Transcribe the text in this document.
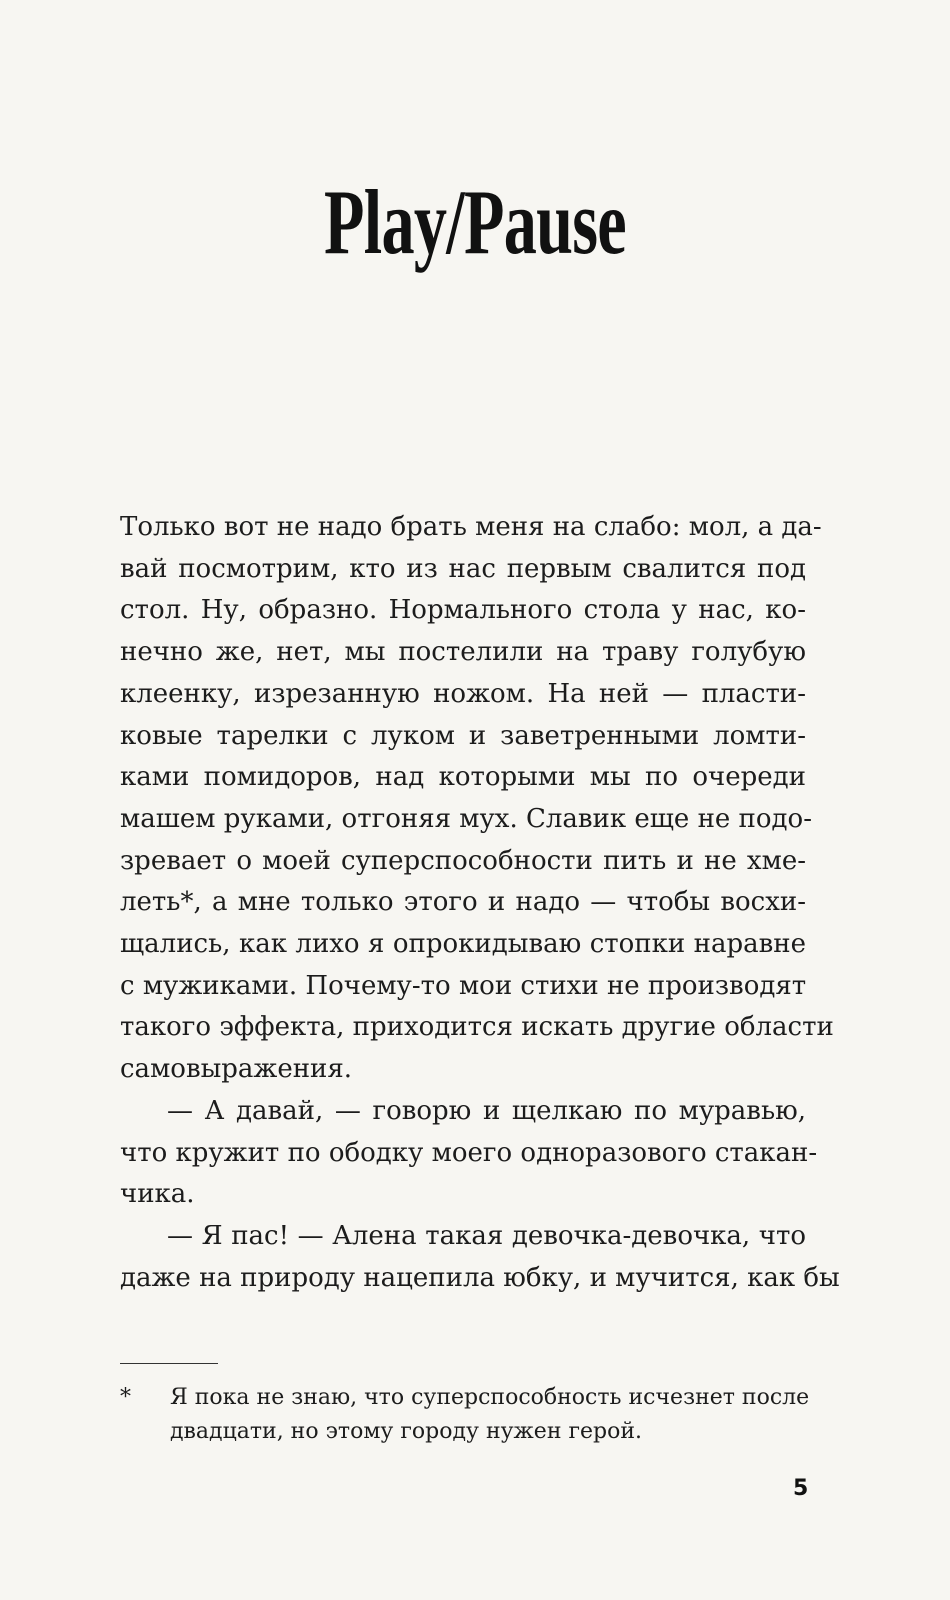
Play/Pause

Только вот не надо брать меня на слабо: мол, а да-
вай посмотрим, кто из нас первым свалится под
стол. Ну, образно. Нормального стола у нас, ко-
нечно же, нет, мы постелили на траву голубую
клеенку, изрезанную ножом. На ней — пласти-
ковые тарелки с луком и заветренными ломти-
ками помидоров, над которыми мы по очереди
машем руками, отгоняя мух. Славик еще не подо-
зревает о моей суперспособности пить и не хме-
леть*, а мне только этого и надо — чтобы восхи-
щались, как лихо я опрокидываю стопки наравне
с мужиками. Почему-то мои стихи не производят
такого эффекта, приходится искать другие области
самовыражения.

— А давай, — говорю и щелкаю по муравью,
что кружит по ободку моего одноразового стакан-
чика.

— Я пас! — Алена такая девочка-девочка, что
даже на природу нацепила юбку, и мучится, как бы

* Я пока не знаю, что суперспособность исчезнет после
двадцати, но этому городу нужен герой.
5
